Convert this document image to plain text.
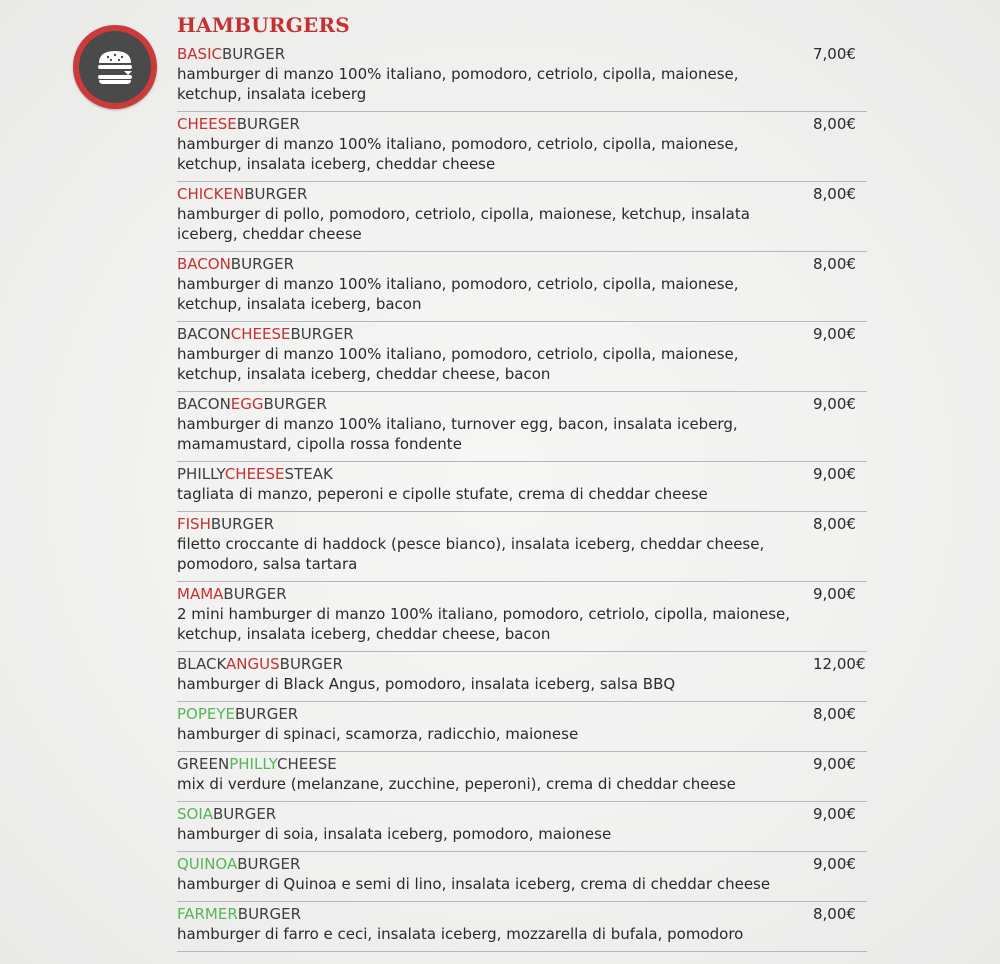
HAMBURGERS
BASICBURGER
hamburger di manzo 100% italiano, pomodoro, cetriolo, cipolla, maionese, ketchup, insalata iceberg
7,00€
CHEESEBURGER
hamburger di manzo 100% italiano, pomodoro, cetriolo, cipolla, maionese, ketchup, insalata iceberg, cheddar cheese
8,00€
CHICKENBURGER
hamburger di pollo, pomodoro, cetriolo, cipolla, maionese, ketchup, insalata iceberg, cheddar cheese
8,00€
BACONBURGER
hamburger di manzo 100% italiano, pomodoro, cetriolo, cipolla, maionese, ketchup, insalata iceberg, bacon
8,00€
BACONCHEESEBURGER
hamburger di manzo 100% italiano, pomodoro, cetriolo, cipolla, maionese, ketchup, insalata iceberg, cheddar cheese, bacon
9,00€
BACONEGGBURGER
hamburger di manzo 100% italiano, turnover egg, bacon, insalata iceberg, mamamustard, cipolla rossa fondente
9,00€
PHILLYCHEESESTEAK
tagliata di manzo, peperoni e cipolle stufate, crema di cheddar cheese
9,00€
FISHBURGER
filetto croccante di haddock (pesce bianco), insalata iceberg, cheddar cheese, pomodoro, salsa tartara
8,00€
MAMABURGER
2 mini hamburger di manzo 100% italiano, pomodoro, cetriolo, cipolla, maionese, ketchup, insalata iceberg, cheddar cheese, bacon
9,00€
BLACKANGUSBURGER
hamburger di Black Angus, pomodoro, insalata iceberg, salsa BBQ
12,00€
POPEYEBURGER
hamburger di spinaci, scamorza, radicchio, maionese
8,00€
GREENPHILLYCHEESE
mix di verdure (melanzane, zucchine, peperoni), crema di cheddar cheese
9,00€
SOIABURGER
hamburger di soia, insalata iceberg, pomodoro, maionese
9,00€
QUINOABURGER
hamburger di Quinoa e semi di lino, insalata iceberg, crema di cheddar cheese
9,00€
FARMERBURGER
hamburger di farro e ceci, insalata iceberg, mozzarella di bufala, pomodoro
8,00€
